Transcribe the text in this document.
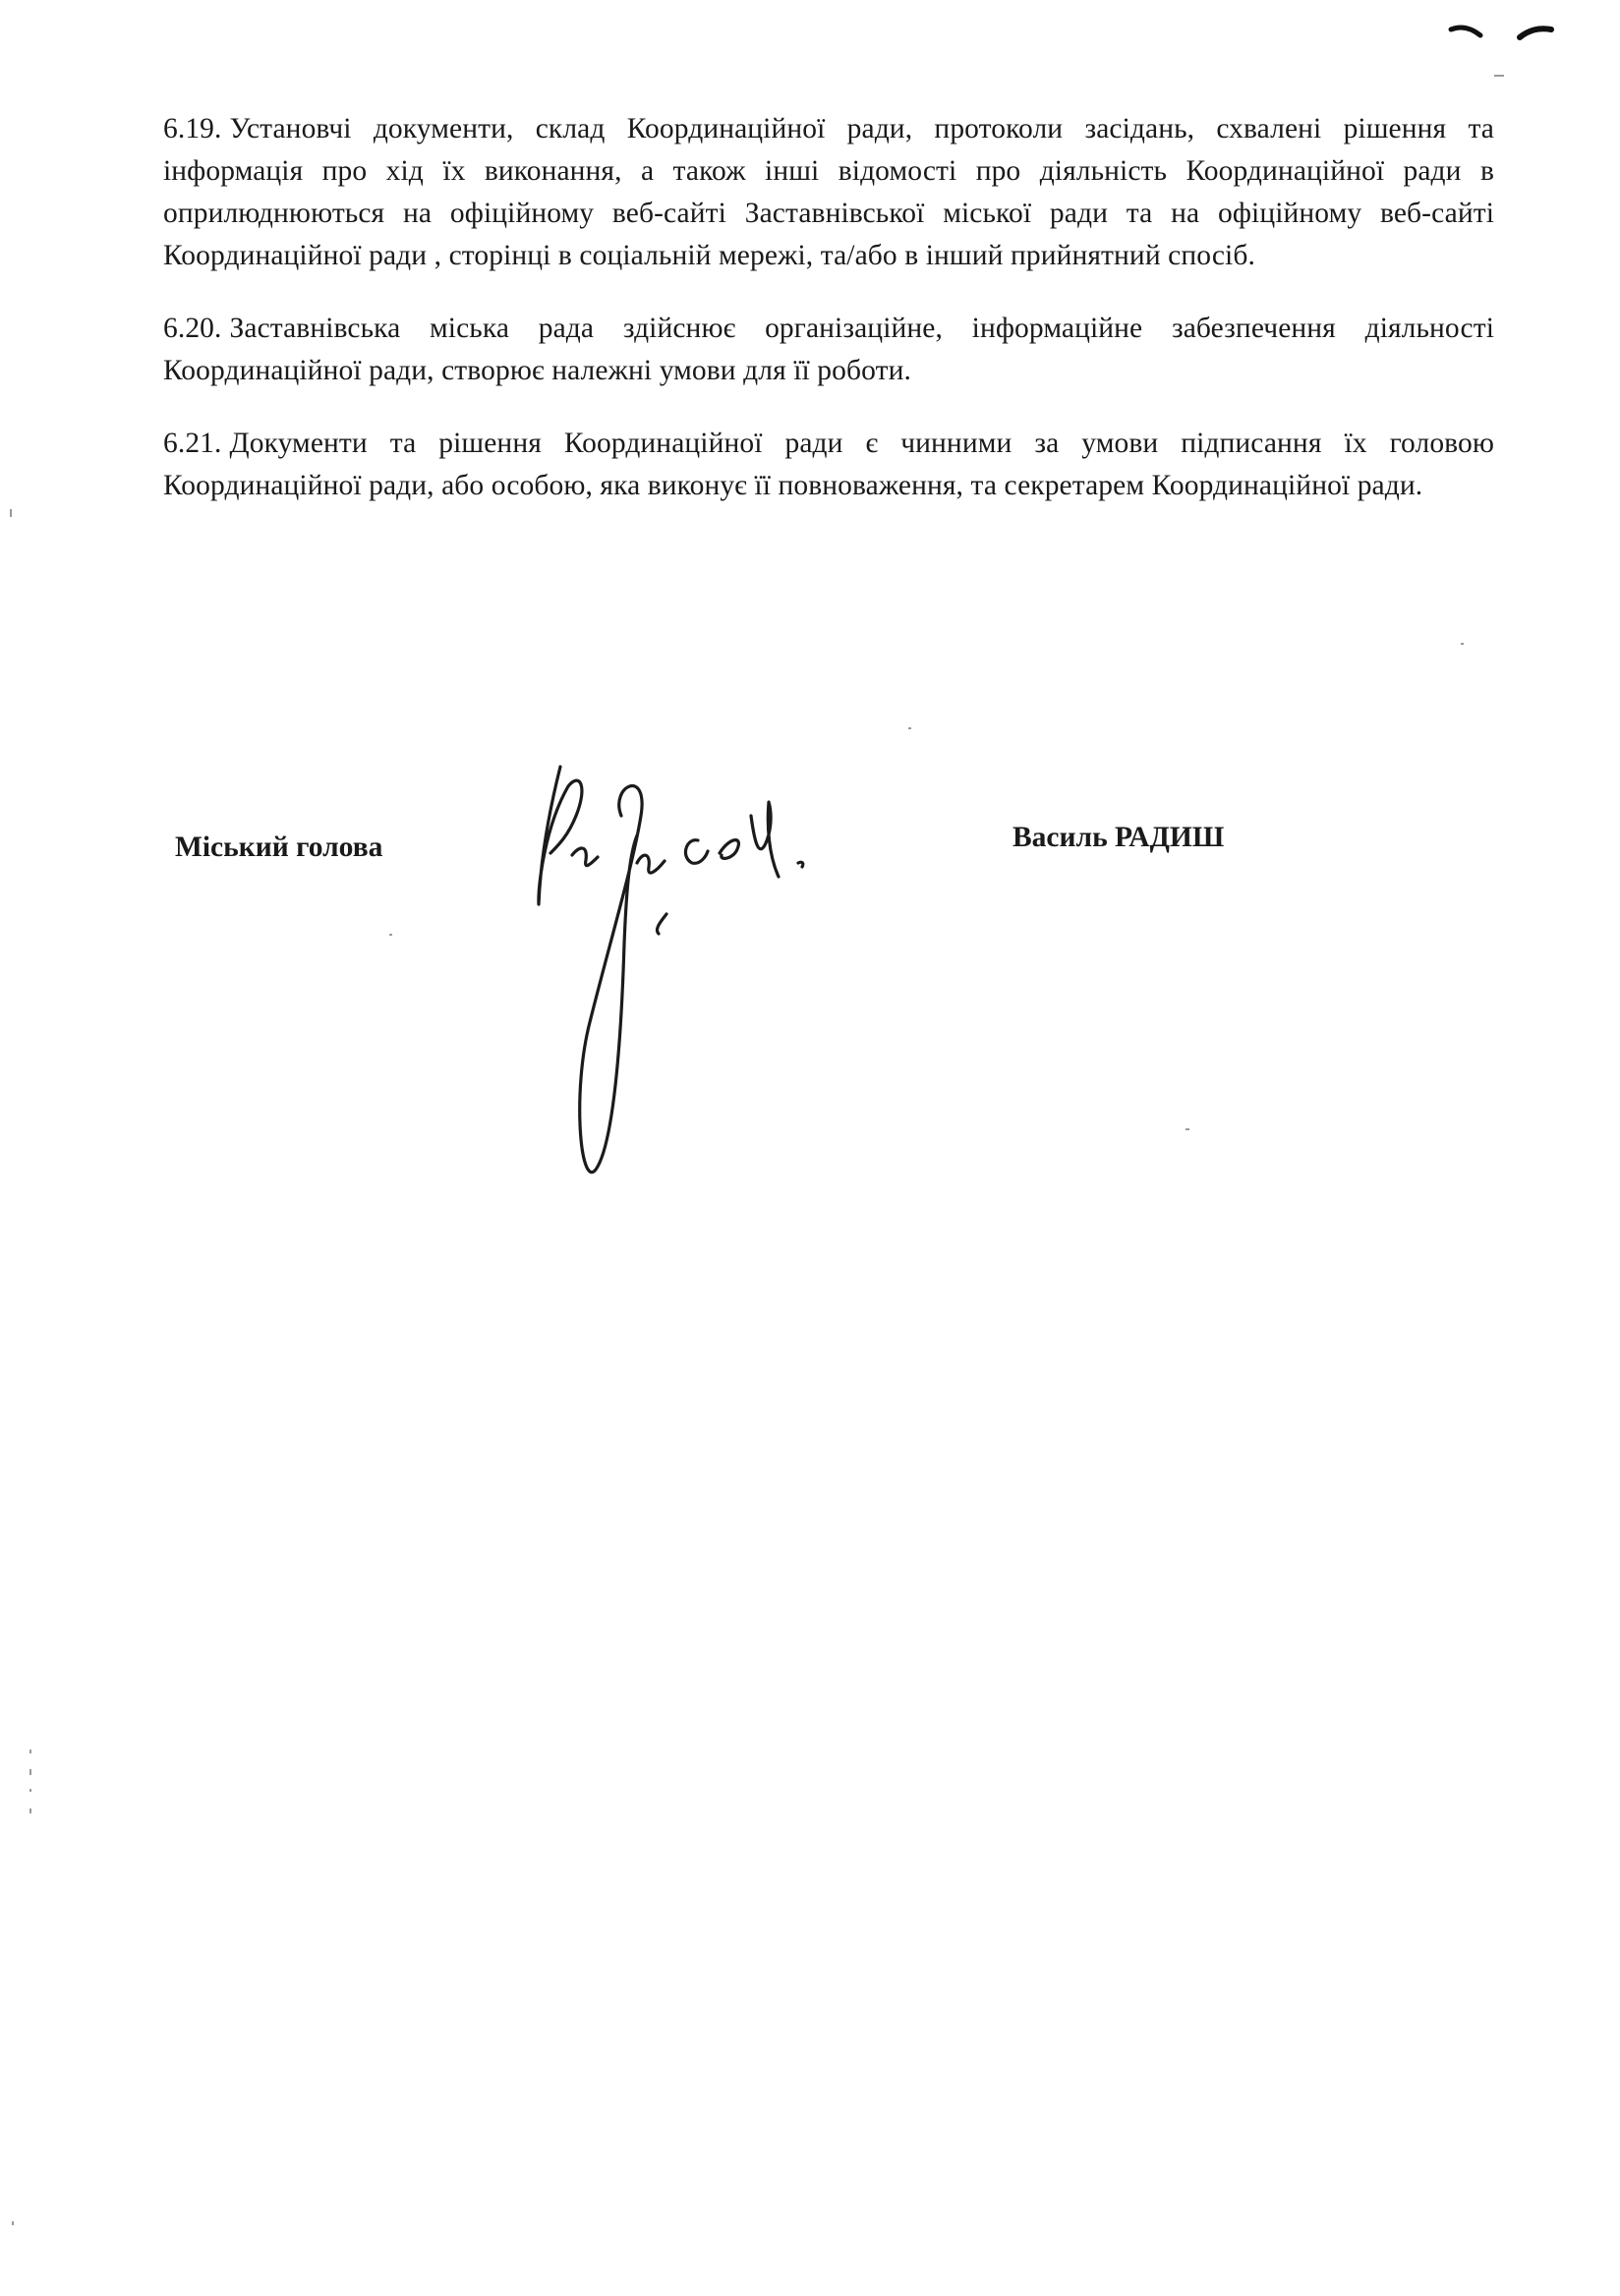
6.19. Установчі документи, склад Координаційної ради, протоколи засідань, схвалені рішення та інформація про хід їх виконання, а також інші відомості про діяльність Координаційної ради в оприлюднюються на офіційному веб-сайті Заставнівської міської ради та на офіційному веб-сайті Координаційної ради , сторінці в соціальній мережі, та/або в інший прийнятний спосіб.

6.20. Заставнівська міська рада здійснює організаційне, інформаційне забезпечення діяльності Координаційної ради, створює належні умови для її роботи.

6.21. Документи та рішення Координаційної ради є чинними за умови підписання їх головою Координаційної ради, або особою, яка виконує її повноваження, та секретарем Координаційної ради.

Міський голова	Василь РАДИШ
